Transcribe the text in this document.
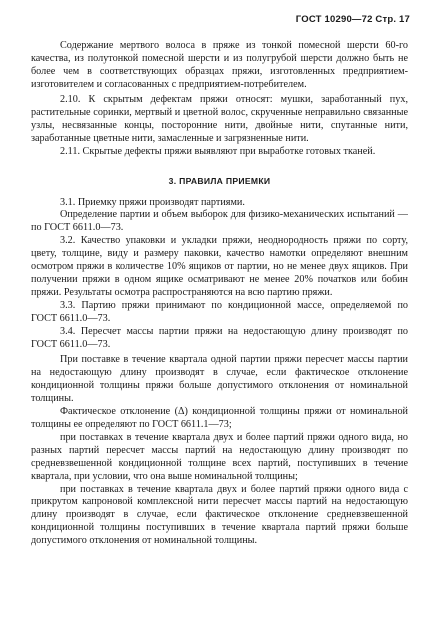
ГОСТ 10290—72 Стр. 17

Содержание мертвого волоса в пряже из тонкой помесной шерсти 60-го качества, из полутонкой помесной шерсти и из полугрубой шерсти должно быть не более чем в соответствующих образцах пряжи, изготовленных предприятием-изготовителем и согласованных с предприятием-потребителем.

2.10. К скрытым дефектам пряжи относят: мушки, заработанный пух, растительные соринки, мертвый и цветной волос, скрученные неправильно связанные узлы, несвязанные концы, посторонние нити, двойные нити, спутанные нити, заработанные цветные нити, замасленные и загрязненные нити.

2.11. Скрытые дефекты пряжи выявляют при выработке готовых тканей.

3. ПРАВИЛА ПРИЕМКИ

3.1. Приемку пряжи производят партиями.

Определение партии и объем выборок для физико-механических испытаний — по ГОСТ 6611.0—73.

3.2. Качество упаковки и укладки пряжи, неоднородность пряжи по сорту, цвету, толщине, виду и размеру паковки, качество намотки определяют внешним осмотром пряжи в количестве 10% ящиков от партии, но не менее двух ящиков. При получении пряжи в одном ящике осматривают не менее 20% початков или бобин пряжи. Результаты осмотра распространяются на всю партию пряжи.

3.3. Партию пряжи принимают по кондиционной массе, определяемой по ГОСТ 6611.0—73.

3.4. Пересчет массы партии пряжи на недостающую длину производят по ГОСТ 6611.0—73.

При поставке в течение квартала одной партии пряжи пересчет массы партии на недостающую длину производят в случае, если фактическое отклонение кондиционной толщины пряжи больше допустимого отклонения от номинальной толщины.

Фактическое отклонение (Δ) кондиционной толщины пряжи от номинальной толщины ее определяют по ГОСТ 6611.1—73;

при поставках в течение квартала двух и более партий пряжи одного вида, но разных партий пересчет массы партий на недостающую длину производят по средневзвешенной кондиционной толщине всех партий, поступивших в течение квартала, при условии, что она выше номинальной толщины;

при поставках в течение квартала двух и более партий пряжи одного вида с прикрутом капроновой комплексной нити пересчет массы партий на недостающую длину производят в случае, если фактическое отклонение средневзвешенной кондиционной толщины поступивших в течение квартала партий пряжи больше допустимого отклонения от номинальной толщины.
